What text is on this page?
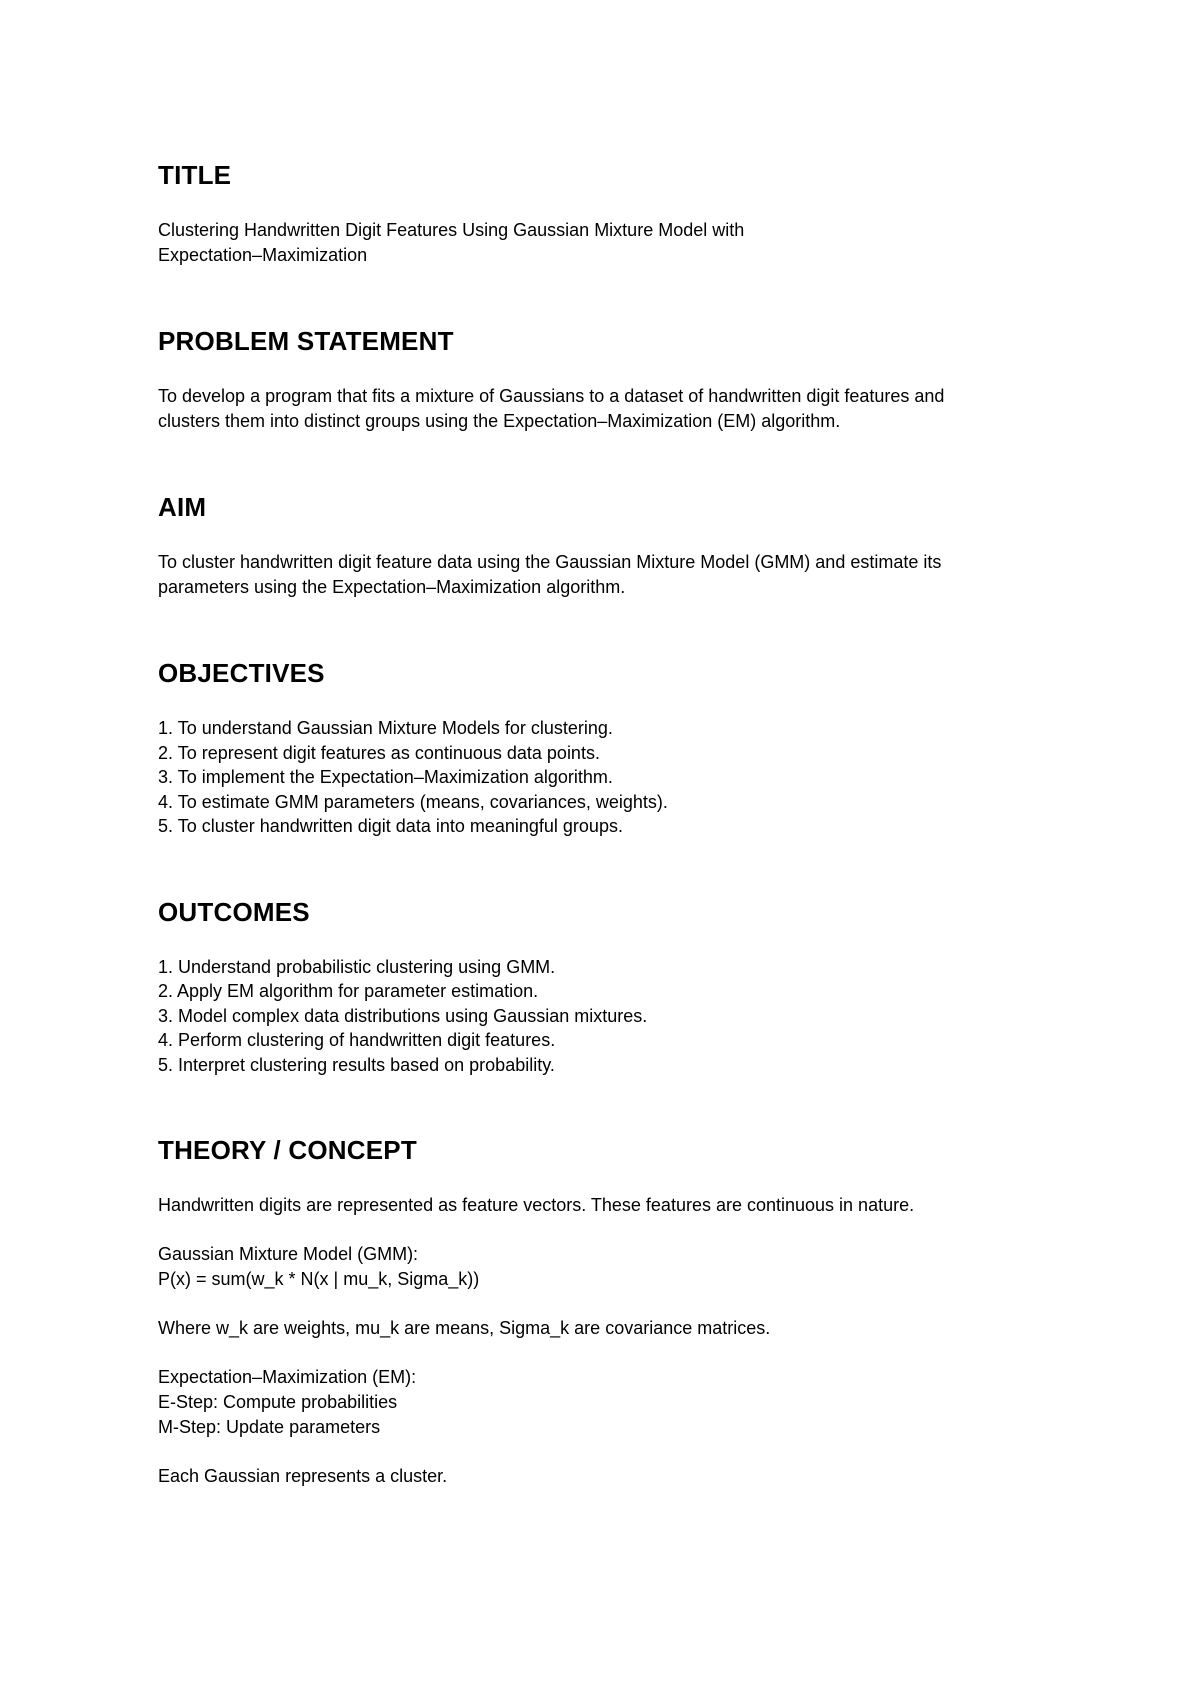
TITLE

Clustering Handwritten Digit Features Using Gaussian Mixture Model with

Expectation–Maximization

PROBLEM STATEMENT

To develop a program that fits a mixture of Gaussians to a dataset of handwritten digit features and

clusters them into distinct groups using the Expectation–Maximization (EM) algorithm.

AIM

To cluster handwritten digit feature data using the Gaussian Mixture Model (GMM) and estimate its

parameters using the Expectation–Maximization algorithm.

OBJECTIVES
1. To understand Gaussian Mixture Models for clustering.
2. To represent digit features as continuous data points.
3. To implement the Expectation–Maximization algorithm.
4. To estimate GMM parameters (means, covariances, weights).
5. To cluster handwritten digit data into meaningful groups.
OUTCOMES
1. Understand probabilistic clustering using GMM.
2. Apply EM algorithm for parameter estimation.
3. Model complex data distributions using Gaussian mixtures.
4. Perform clustering of handwritten digit features.
5. Interpret clustering results based on probability.
THEORY / CONCEPT

Handwritten digits are represented as feature vectors. These features are continuous in nature.

Gaussian Mixture Model (GMM):

P(x) = sum(w_k * N(x | mu_k, Sigma_k))

Where w_k are weights, mu_k are means, Sigma_k are covariance matrices.

Expectation–Maximization (EM):

E-Step: Compute probabilities

M-Step: Update parameters

Each Gaussian represents a cluster.
